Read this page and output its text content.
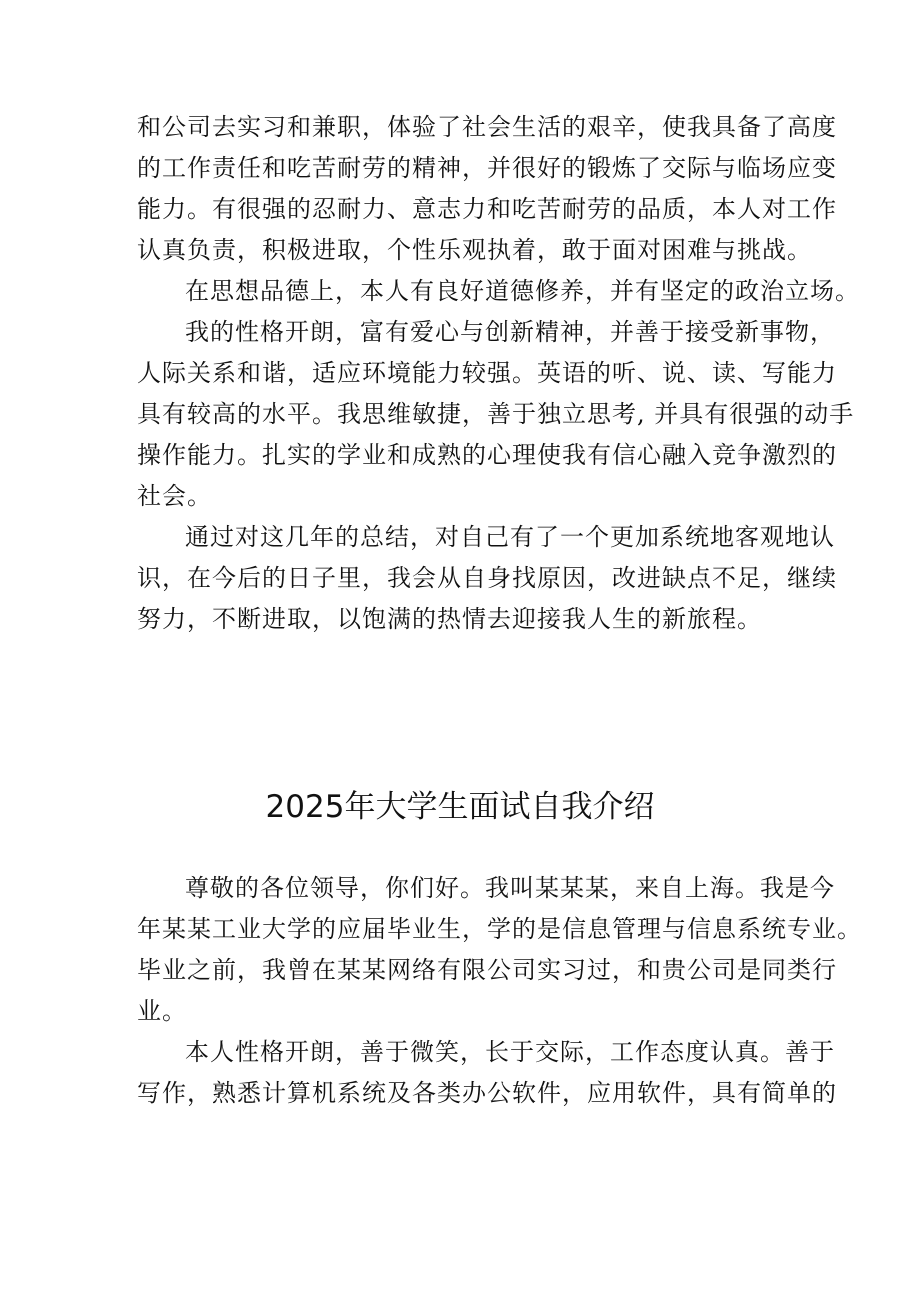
和公司去实习和兼职，体验了社会生活的艰辛，使我具备了高度
的工作责任和吃苦耐劳的精神，并很好的锻炼了交际与临场应变
能力。有很强的忍耐力、意志力和吃苦耐劳的品质，本人对工作
认真负责，积极进取，个性乐观执着，敢于面对困难与挑战。
在思想品德上，本人有良好道德修养，并有坚定的政治立场。
我的性格开朗，富有爱心与创新精神，并善于接受新事物，
人际关系和谐，适应环境能力较强。英语的听、说、读、写能力
具有较高的水平。我思维敏捷，善于独立思考, 并具有很强的动手
操作能力。扎实的学业和成熟的心理使我有信心融入竞争激烈的
社会。
通过对这几年的总结，对自己有了一个更加系统地客观地认
识，在今后的日子里，我会从自身找原因，改进缺点不足，继续
努力，不断进取，以饱满的热情去迎接我人生的新旅程。
2025年大学生面试自我介绍
尊敬的各位领导，你们好。我叫某某某，来自上海。我是今
年某某工业大学的应届毕业生，学的是信息管理与信息系统专业。
毕业之前，我曾在某某网络有限公司实习过，和贵公司是同类行
业。
本人性格开朗，善于微笑，长于交际，工作态度认真。善于
写作，熟悉计算机系统及各类办公软件，应用软件，具有简单的
